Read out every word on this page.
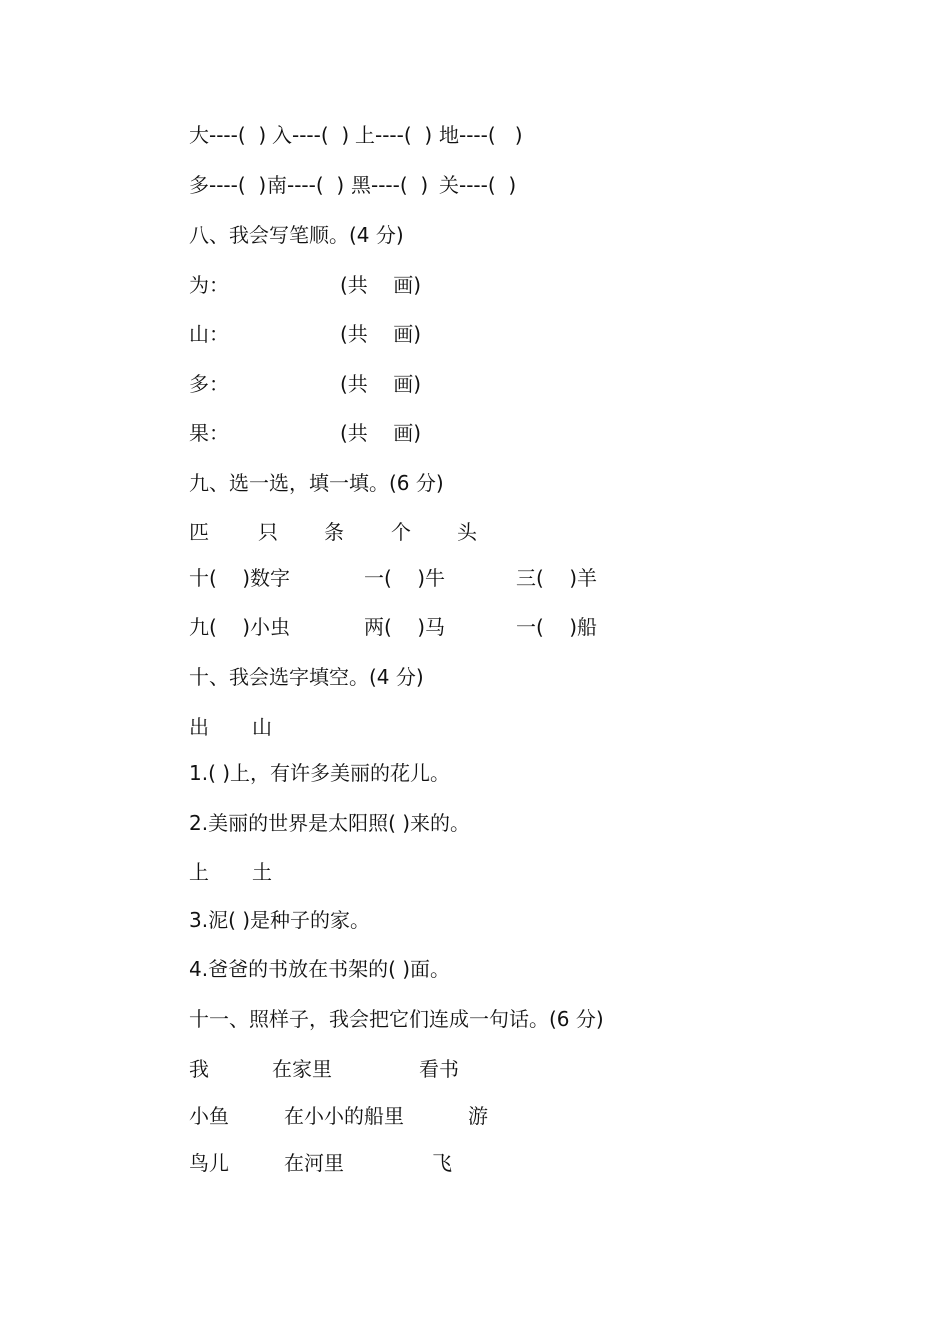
大----(  ) 入----(  ) 上----(  ) 地----(   )
多----(  ) 南----(  ) 黑----(  ) 关----(  )
八、我会写笔顺。(4 分)
为：	(共    画)
山：	(共    画)
多：	(共    画)
果：	(共    画)
九、选一选，填一填。(6 分)
匹 只 条 个 头
十(    )数字	一(    )牛	三(    )羊
九(    )小虫	两(    )马	一(    )船
十、我会选字填空。(4 分)
出 山
1.( )上，有许多美丽的花儿。
2.美丽的世界是太阳照( )来的。
上 土
3.泥( )是种子的家。
4.爸爸的书放在书架的( )面。
十一、照样子，我会把它们连成一句话。(6 分)
我	在家里	看书
小鱼	在小小的船里	游
鸟儿	在河里	飞
